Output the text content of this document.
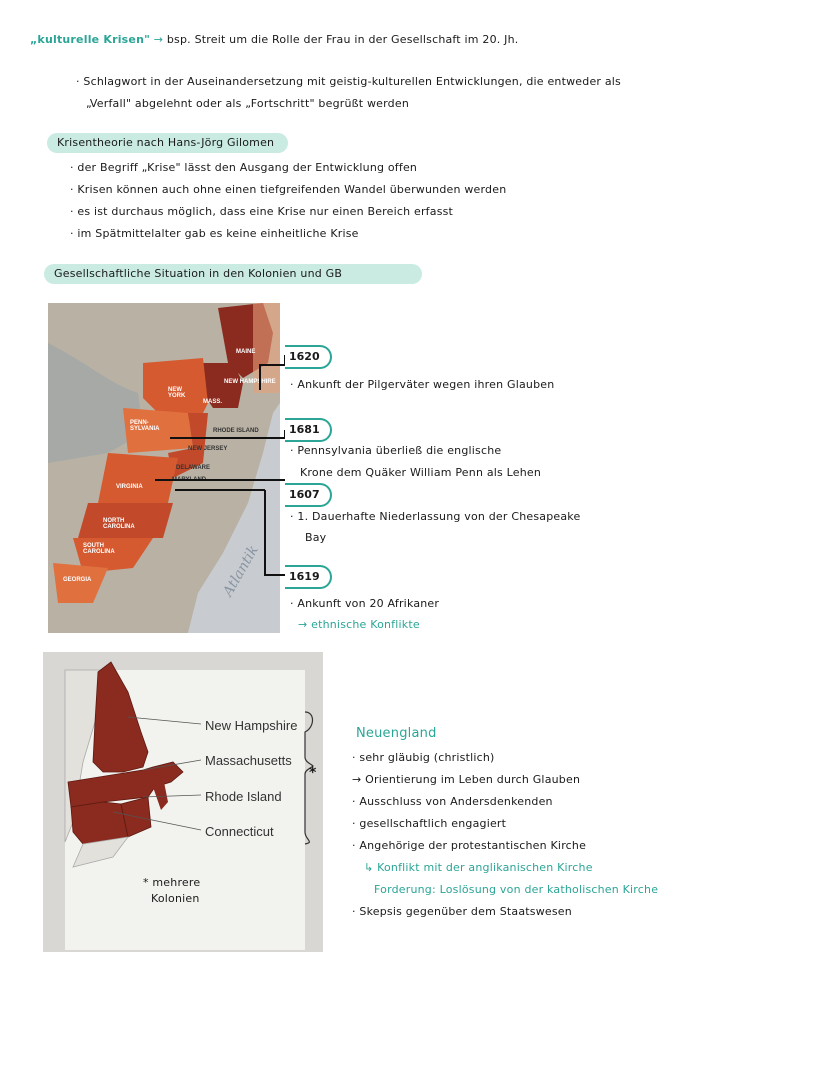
„kulturelle Krisen" → bsp. Streit um die Rolle der Frau in der Gesellschaft im 20. Jh.
· Schlagwort in der Auseinandersetzung mit geistig-kulturellen Entwicklungen, die entweder als
„Verfall" abgelehnt oder als „Fortschritt" begrüßt werden
Krisentheorie nach Hans-Jörg Gilomen
· der Begriff „Krise" lässt den Ausgang der Entwicklung offen
· Krisen können auch ohne einen tiefgreifenden Wandel überwunden werden
· es ist durchaus möglich, dass eine Krise nur einen Bereich erfasst
· im Spätmittelalter gab es keine einheitliche Krise
Gesellschaftliche Situation in den Kolonien und GB
MAINE
NEW HAMPSHIRE
NEW YORK
MASS.
RHODE ISLAND
PENN-SYLVANIA
NEW JERSEY
DELAWARE
MARYLAND
VIRGINIA
NORTH CAROLINA
SOUTH CAROLINA
GEORGIA	Atlantik
1620
· Ankunft der Pilgerväter wegen ihren Glauben
1681
· Pennsylvania überließ die englische
Krone dem Quäker William Penn als Lehen
1607
· 1. Dauerhafte Niederlassung von der Chesapeake
Bay
1619
· Ankunft von 20 Afrikaner
→ ethnische Konflikte
New Hampshire
Massachusetts
Rhode Island
Connecticut
*
* mehrere
Kolonien
Neuengland
· sehr gläubig (christlich)
→ Orientierung im Leben durch Glauben
· Ausschluss von Andersdenkenden
· gesellschaftlich engagiert
· Angehörige der protestantischen Kirche
↳ Konflikt mit der anglikanischen Kirche
Forderung: Loslösung von der katholischen Kirche
· Skepsis gegenüber dem Staatswesen
